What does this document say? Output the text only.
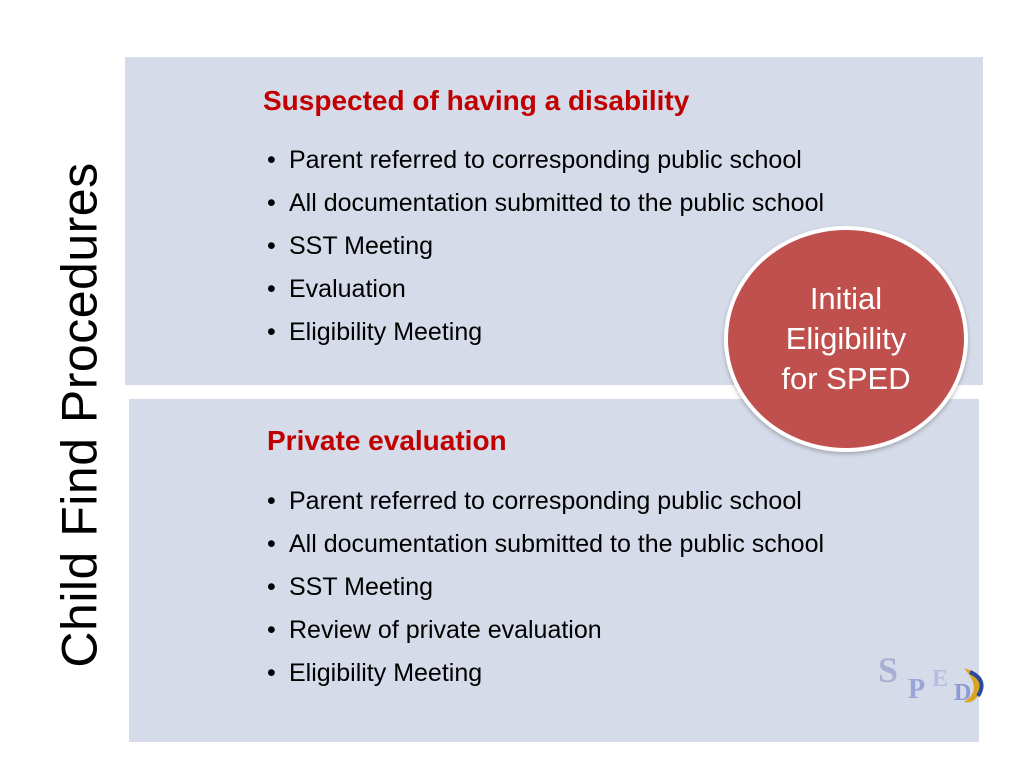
Child Find Procedures
Suspected of having a disability
• Parent referred to corresponding public school
• All documentation submitted to the public school
• SST Meeting
• Evaluation
• Eligibility Meeting
Private evaluation
• Parent referred to corresponding public school
• All documentation submitted to the public school
• SST Meeting
• Review of private evaluation
• Eligibility Meeting
Initial
Eligibility
for SPED
S P E
D
